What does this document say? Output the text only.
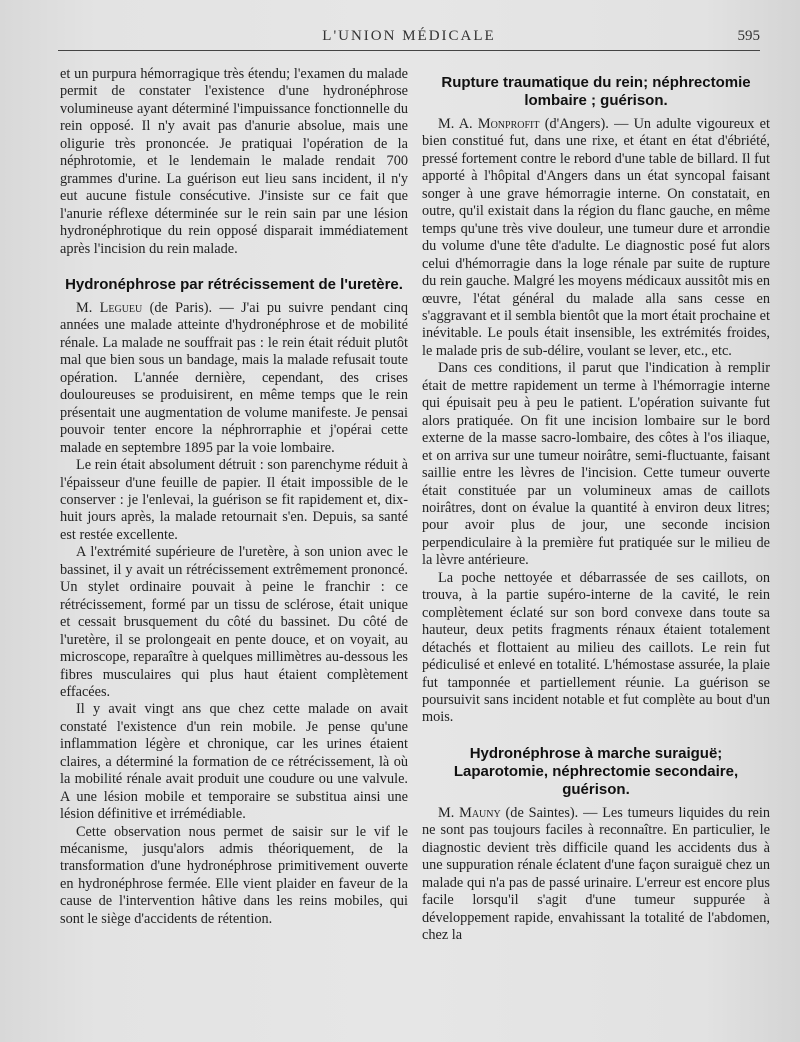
L'UNION MÉDICALE	595

et un purpura hémorragique très étendu; l'examen du malade permit de constater l'existence d'une hydronéphrose volumineuse ayant déterminé l'impuissance fonctionnelle du rein opposé. Il n'y avait pas d'anurie absolue, mais une oligurie très prononcée. Je pratiquai l'opération de la néphrotomie, et le lendemain le malade rendait 700 grammes d'urine. La guérison eut lieu sans incident, il n'y eut aucune fistule consécutive. J'insiste sur ce fait que l'anurie réflexe déterminée sur le rein sain par une lésion hydronéphrotique du rein opposé disparait immédiatement après l'incision du rein malade.

Hydronéphrose par rétrécissement de l'uretère.

M. Legueu (de Paris). — J'ai pu suivre pendant cinq années une malade atteinte d'hydronéphrose et de mobilité rénale. La malade ne souffrait pas : le rein était réduit plutôt mal que bien sous un bandage, mais la malade refusait toute opération. L'année dernière, cependant, des crises douloureuses se produisirent, en même temps que le rein présentait une augmentation de volume manifeste. Je pensai pouvoir tenter encore la néphrorraphie et j'opérai cette malade en septembre 1895 par la voie lombaire.

Le rein était absolument détruit : son parenchyme réduit à l'épaisseur d'une feuille de papier. Il était impossible de le conserver : je l'enlevai, la guérison se fit rapidement et, dix-huit jours après, la malade retournait s'en. Depuis, sa santé est restée excellente.

A l'extrémité supérieure de l'uretère, à son union avec le bassinet, il y avait un rétrécissement extrêmement prononcé. Un stylet ordinaire pouvait à peine le franchir : ce rétrécissement, formé par un tissu de sclérose, était unique et cessait brusquement du côté du bassinet. Du côté de l'uretère, il se prolongeait en pente douce, et on voyait, au microscope, reparaître à quelques millimètres au-dessous les fibres musculaires qui plus haut étaient complètement effacées.

Il y avait vingt ans que chez cette malade on avait constaté l'existence d'un rein mobile. Je pense qu'une inflammation légère et chronique, car les urines étaient claires, a déterminé la formation de ce rétrécissement, là où la mobilité rénale avait produit une coudure ou une valvule. A une lésion mobile et temporaire se substitua ainsi une lésion définitive et irrémédiable.

Cette observation nous permet de saisir sur le vif le mécanisme, jusqu'alors admis théoriquement, de la transformation d'une hydronéphrose primitivement ouverte en hydronéphrose fermée. Elle vient plaider en faveur de la cause de l'intervention hâtive dans les reins mobiles, qui sont le siège d'accidents de rétention.

Rupture traumatique du rein; néphrectomie lombaire ; guérison.

M. A. Monprofit (d'Angers). — Un adulte vigoureux et bien constitué fut, dans une rixe, et étant en état d'ébriété, pressé fortement contre le rebord d'une table de billard. Il fut apporté à l'hôpital d'Angers dans un état syncopal faisant songer à une grave hémorragie interne. On constatait, en outre, qu'il existait dans la région du flanc gauche, en même temps qu'une très vive douleur, une tumeur dure et arrondie du volume d'une tête d'adulte. Le diagnostic posé fut alors celui d'hémorragie dans la loge rénale par suite de rupture du rein gauche. Malgré les moyens médicaux aussitôt mis en œuvre, l'état général du malade alla sans cesse en s'aggravant et il sembla bientôt que la mort était prochaine et inévitable. Le pouls était insensible, les extrémités froides, le malade pris de sub-délire, voulant se lever, etc., etc.

Dans ces conditions, il parut que l'indication à remplir était de mettre rapidement un terme à l'hémorragie interne qui épuisait peu à peu le patient. L'opération suivante fut alors pratiquée. On fit une incision lombaire sur le bord externe de la masse sacro-lombaire, des côtes à l'os iliaque, et on arriva sur une tumeur noirâtre, semi-fluctuante, faisant saillie entre les lèvres de l'incision. Cette tumeur ouverte était constituée par un volumineux amas de caillots noirâtres, dont on évalue la quantité à environ deux litres; pour avoir plus de jour, une seconde incision perpendiculaire à la première fut pratiquée sur le milieu de la lèvre antérieure.

La poche nettoyée et débarrassée de ses caillots, on trouva, à la partie supéro-interne de la cavité, le rein complètement éclaté sur son bord convexe dans toute sa hauteur, deux petits fragments rénaux étaient totalement détachés et flottaient au milieu des caillots. Le rein fut pédiculisé et enlevé en totalité. L'hémostase assurée, la plaie fut tamponnée et partiellement réunie. La guérison se poursuivit sans incident notable et fut complète au bout d'un mois.

Hydronéphrose à marche suraiguë; Laparotomie, néphrectomie secondaire, guérison.

M. Mauny (de Saintes). — Les tumeurs liquides du rein ne sont pas toujours faciles à reconnaître. En particulier, le diagnostic devient très difficile quand les accidents dus à une suppuration rénale éclatent d'une façon suraiguë chez un malade qui n'a pas de passé urinaire. L'erreur est encore plus facile lorsqu'il s'agit d'une tumeur suppurée à développement rapide, envahissant la totalité de l'abdomen, chez la
